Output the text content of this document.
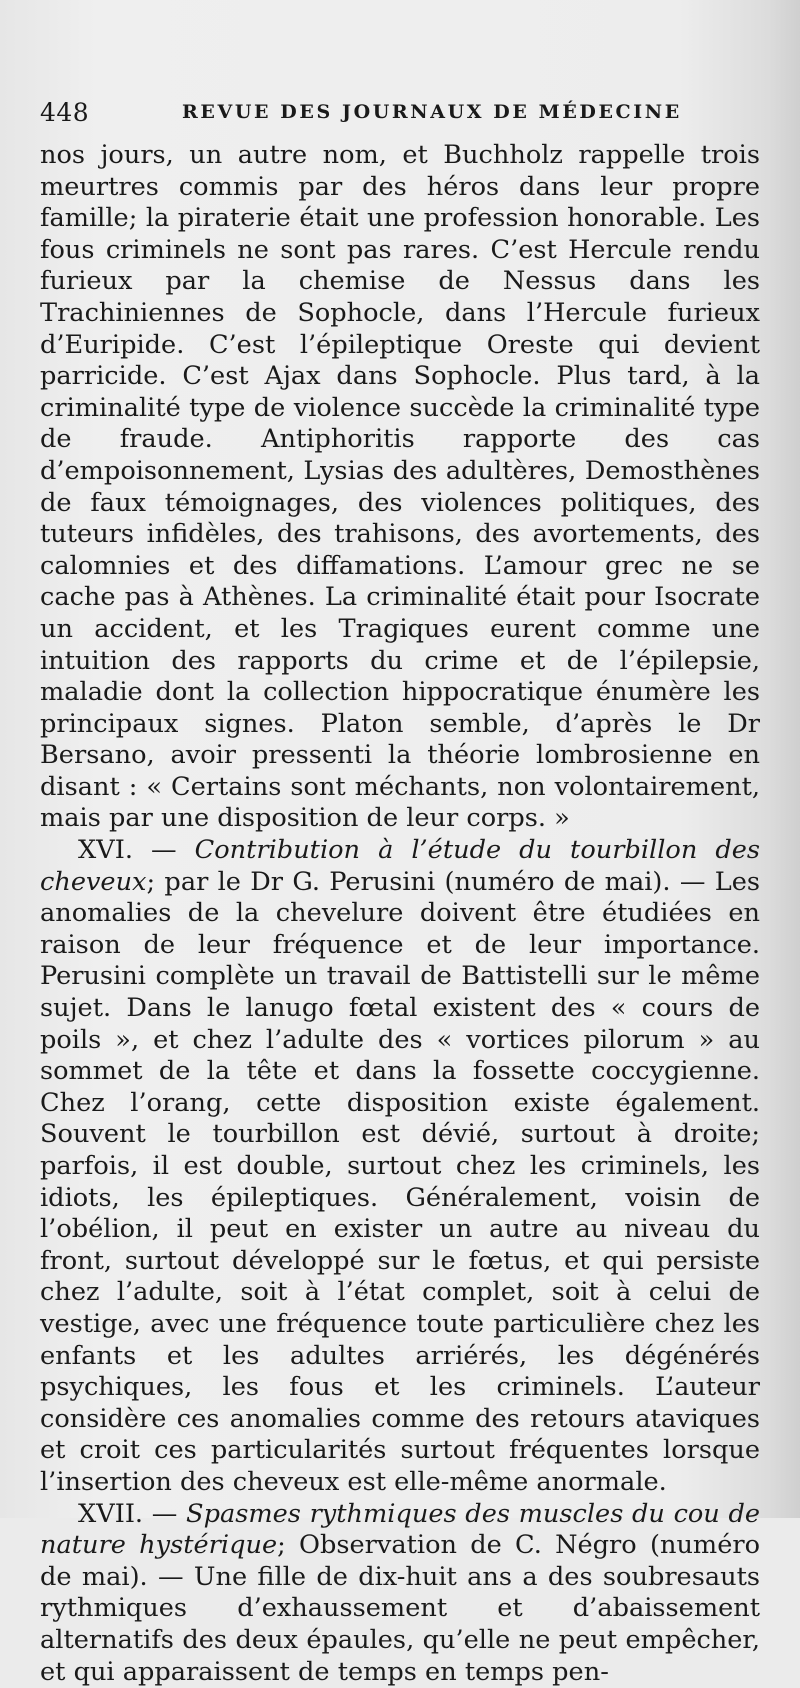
448	REVUE DES JOURNAUX DE MÉDECINE

nos jours, un autre nom, et Buchholz rappelle trois meurtres commis par des héros dans leur propre famille; la piraterie était une profession honorable. Les fous criminels ne sont pas rares. C’est Hercule rendu furieux par la chemise de Nessus dans les Trachiniennes de Sophocle, dans l’Hercule furieux d’Euripide. C’est l’épileptique Oreste qui devient parricide. C’est Ajax dans Sophocle. Plus tard, à la criminalité type de violence succède la criminalité type de fraude. Antiphoritis rapporte des cas d’empoisonnement, Lysias des adultères, Demosthènes de faux témoignages, des violences politiques, des tuteurs infidèles, des trahisons, des avortements, des calomnies et des diffamations. L’amour grec ne se cache pas à Athènes. La criminalité était pour Isocrate un accident, et les Tragiques eurent comme une intuition des rapports du crime et de l’épilepsie, maladie dont la collection hippocratique énumère les principaux signes. Platon semble, d’après le Dr Bersano, avoir pressenti la théorie lombrosienne en disant : « Certains sont méchants, non volontairement, mais par une disposition de leur corps. »

XVI. — Contribution à l’étude du tourbillon des cheveux; par le Dr G. Perusini (numéro de mai). — Les anomalies de la chevelure doivent être étudiées en raison de leur fréquence et de leur importance. Perusini complète un travail de Battistelli sur le même sujet. Dans le lanugo fœtal existent des « cours de poils », et chez l’adulte des « vortices pilorum » au sommet de la tête et dans la fossette coccygienne. Chez l’orang, cette disposition existe également. Souvent le tourbillon est dévié, surtout à droite; parfois, il est double, surtout chez les criminels, les idiots, les épileptiques. Généralement, voisin de l’obélion, il peut en exister un autre au niveau du front, surtout développé sur le fœtus, et qui persiste chez l’adulte, soit à l’état complet, soit à celui de vestige, avec une fréquence toute particulière chez les enfants et les adultes arriérés, les dégénérés psychiques, les fous et les criminels. L’auteur considère ces anomalies comme des retours ataviques et croit ces particularités surtout fréquentes lorsque l’insertion des cheveux est elle-même anormale.

XVII. — Spasmes rythmiques des muscles du cou de nature hystérique; Observation de C. Négro (numéro de mai). — Une fille de dix-huit ans a des soubresauts rythmiques d’exhaussement et d’abaissement alternatifs des deux épaules, qu’elle ne peut empêcher, et qui apparaissent de temps en temps pen-
